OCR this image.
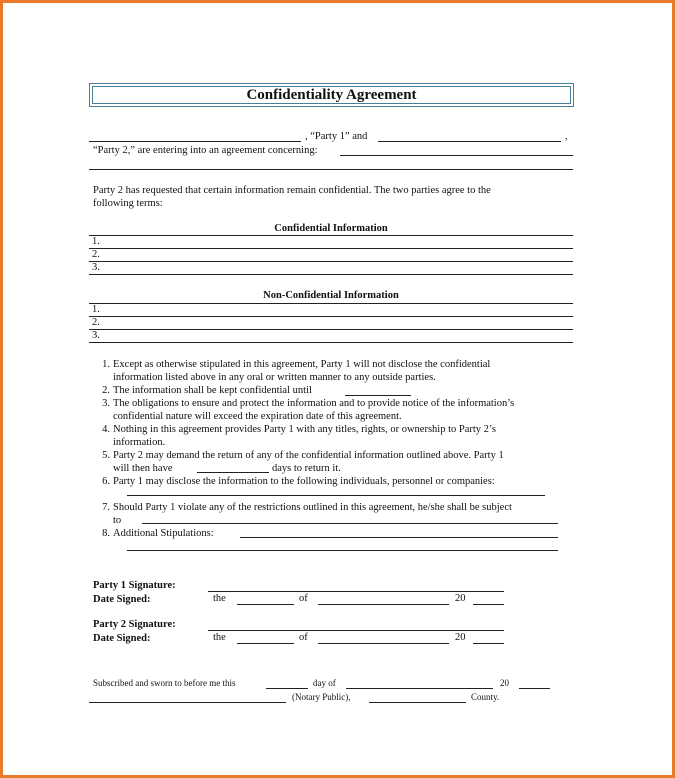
Confidentiality Agreement
, “Party 1” and	,
“Party 2,” are entering into an agreement concerning:
Party 2 has requested that certain information remain confidential. The two parties agree to the
following terms:
Confidential Information
1.
2.
3.
Non-Confidential Information
1.
2.
3.
1. Except as otherwise stipulated in this agreement, Party 1 will not disclose the confidential
information listed above in any oral or written manner to any outside parties.
2. The information shall be kept confidential until
3. The obligations to ensure and protect the information and to provide notice of the information’s
confidential nature will exceed the expiration date of this agreement.
4. Nothing in this agreement provides Party 1 with any titles, rights, or ownership to Party 2’s
information.
5. Party 2 may demand the return of any of the confidential information outlined above. Party 1
will then have	days to return it.
6. Party 1 may disclose the information to the following individuals, personnel or companies:
7. Should Party 1 violate any of the restrictions outlined in this agreement, he/she shall be subject
to
8. Additional Stipulations:
Party 1 Signature:
Date Signed:	the	of	20
Party 2 Signature:
Date Signed:	the	of	20
Subscribed and sworn to before me this	day of	20
(Notary Public),	County.
